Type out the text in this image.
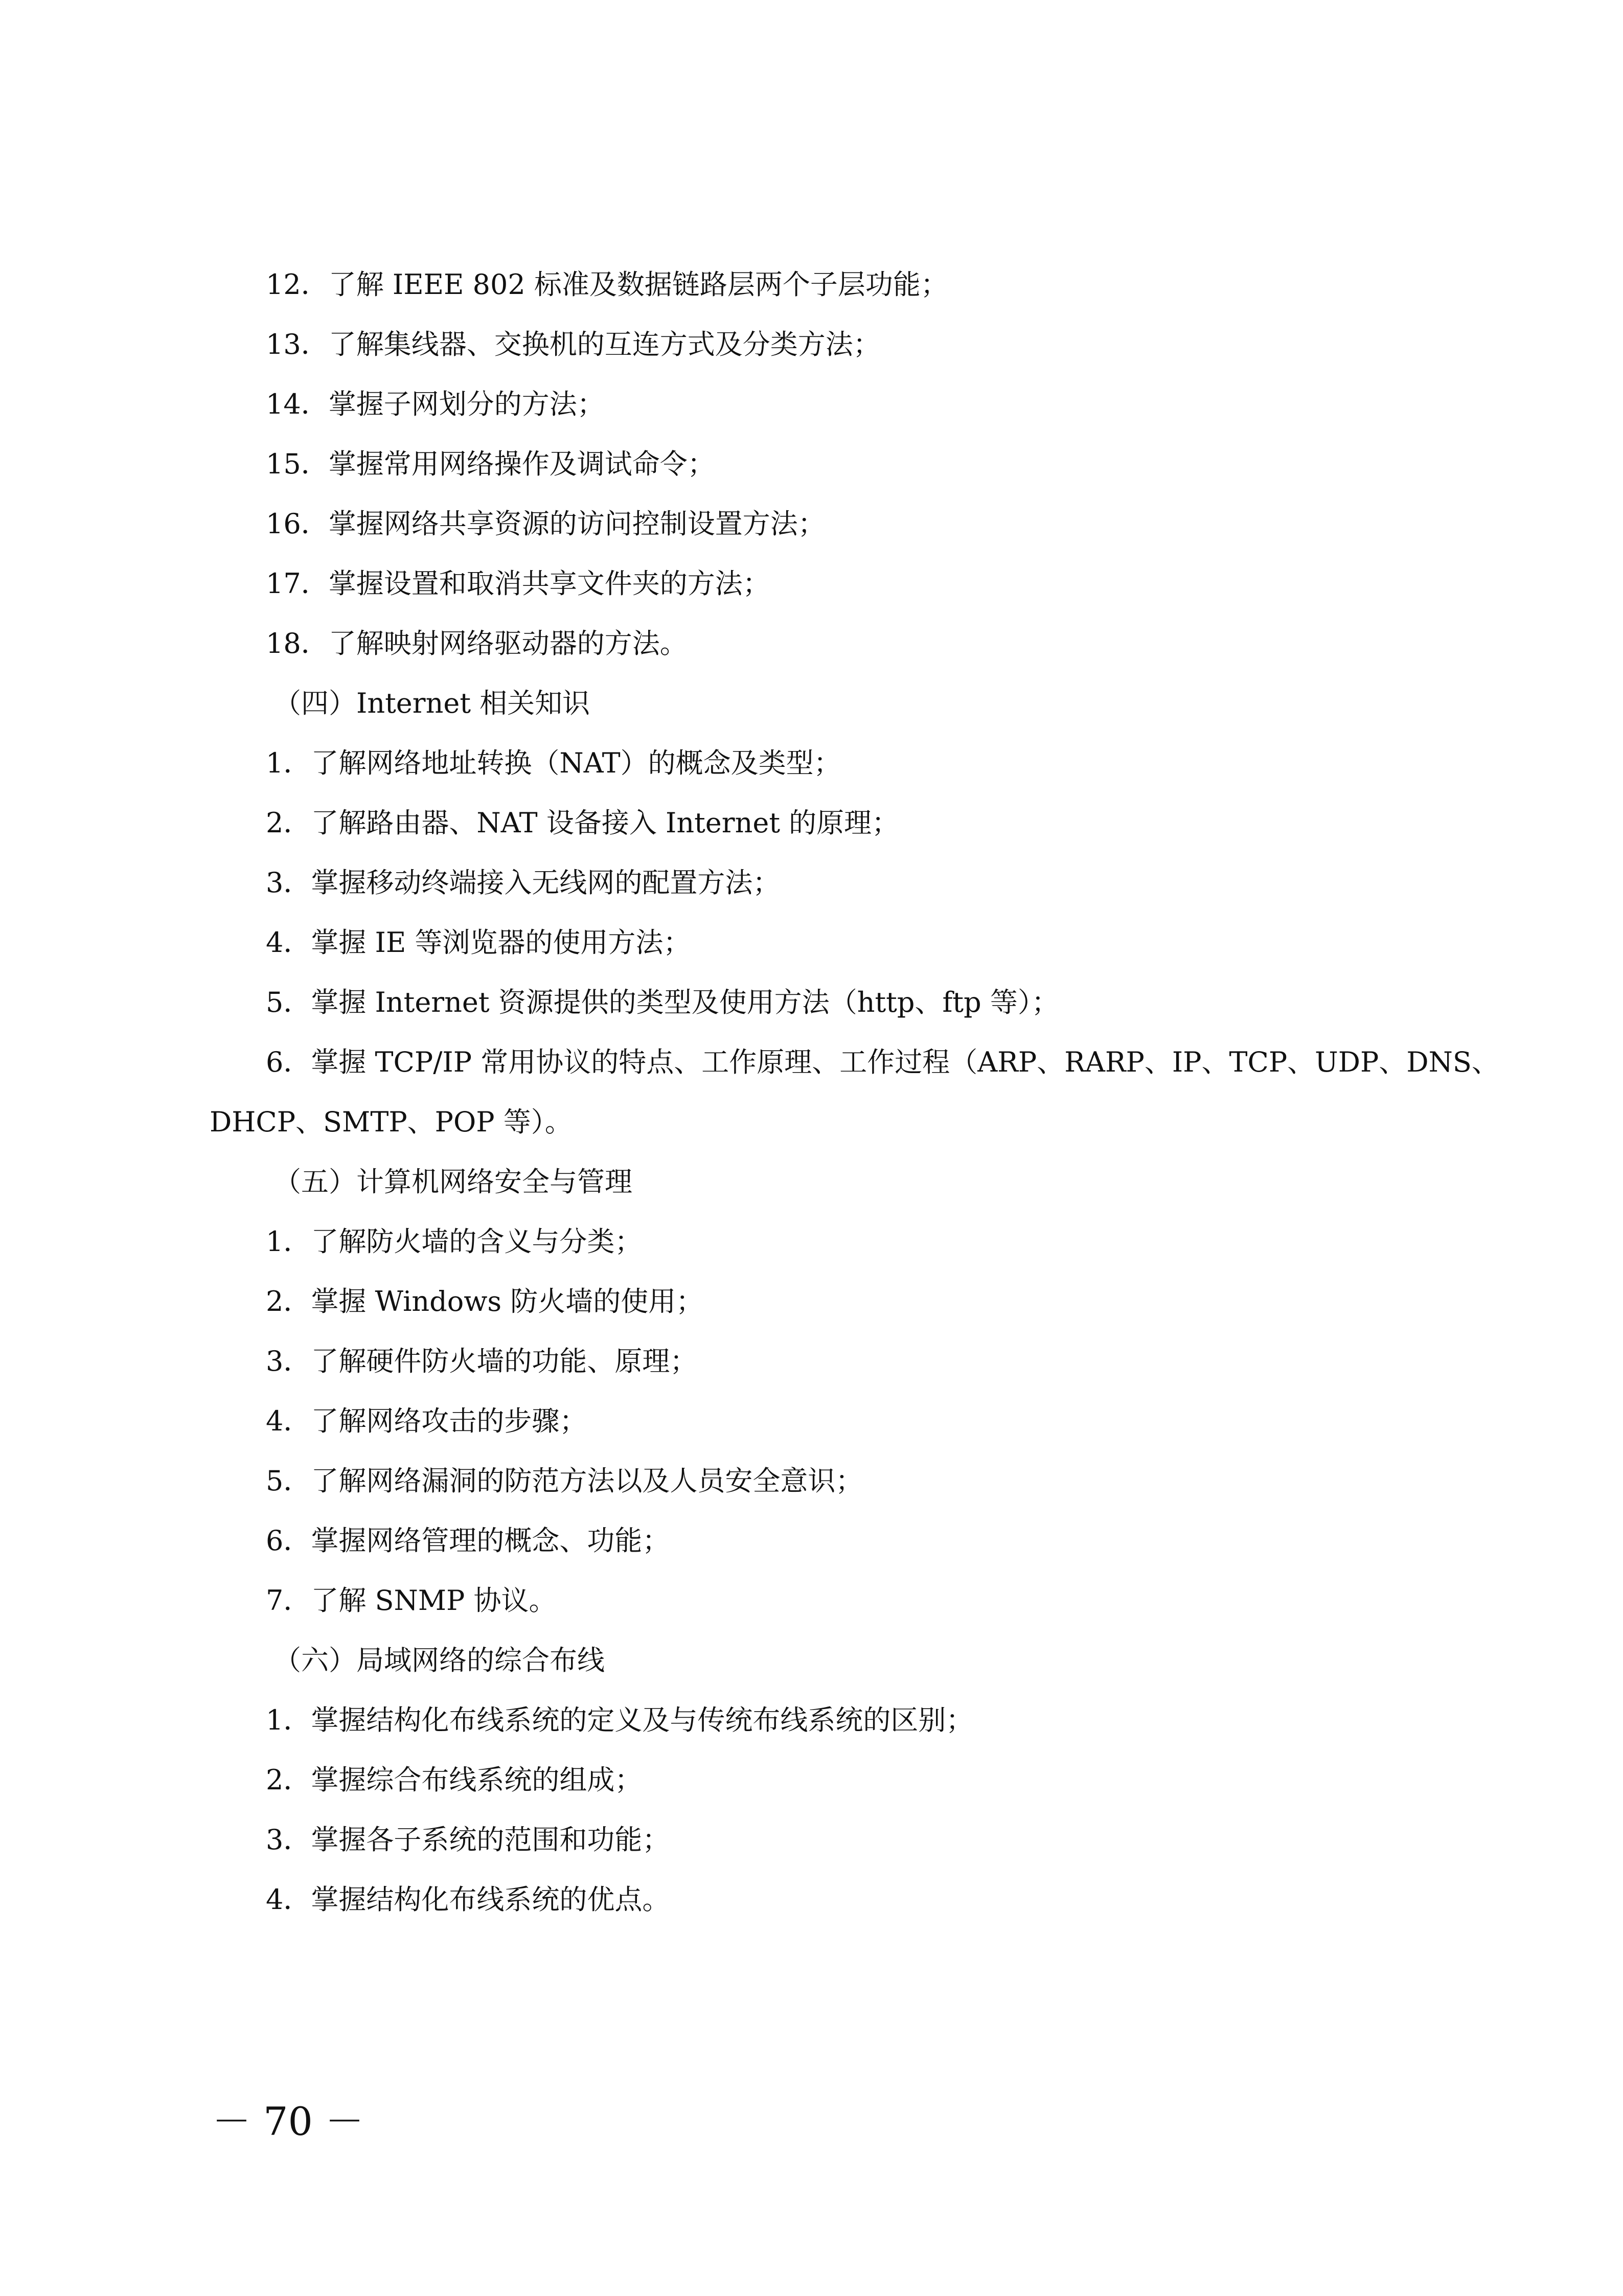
12．了解 IEEE 802 标准及数据链路层两个子层功能；
13．了解集线器、交换机的互连方式及分类方法；
14．掌握子网划分的方法；
15．掌握常用网络操作及调试命令；
16．掌握网络共享资源的访问控制设置方法；
17．掌握设置和取消共享文件夹的方法；
18．了解映射网络驱动器的方法。
（四）Internet 相关知识
1．了解网络地址转换（NAT）的概念及类型；
2．了解路由器、NAT 设备接入 Internet 的原理；
3．掌握移动终端接入无线网的配置方法；
4．掌握 IE 等浏览器的使用方法；
5．掌握 Internet 资源提供的类型及使用方法（http、ftp 等）；
6．掌握 TCP/IP 常用协议的特点、工作原理、工作过程（ARP、RARP、IP、TCP、UDP、DNS、
DHCP、SMTP、POP 等）。
（五）计算机网络安全与管理
1．了解防火墙的含义与分类；
2．掌握 Windows 防火墙的使用；
3．了解硬件防火墙的功能、原理；
4．了解网络攻击的步骤；
5．了解网络漏洞的防范方法以及人员安全意识；
6．掌握网络管理的概念、功能；
7．了解 SNMP 协议。
（六）局域网络的综合布线
1．掌握结构化布线系统的定义及与传统布线系统的区别；
2．掌握综合布线系统的组成；
3．掌握各子系统的范围和功能；
4．掌握结构化布线系统的优点。
－ 70 －
